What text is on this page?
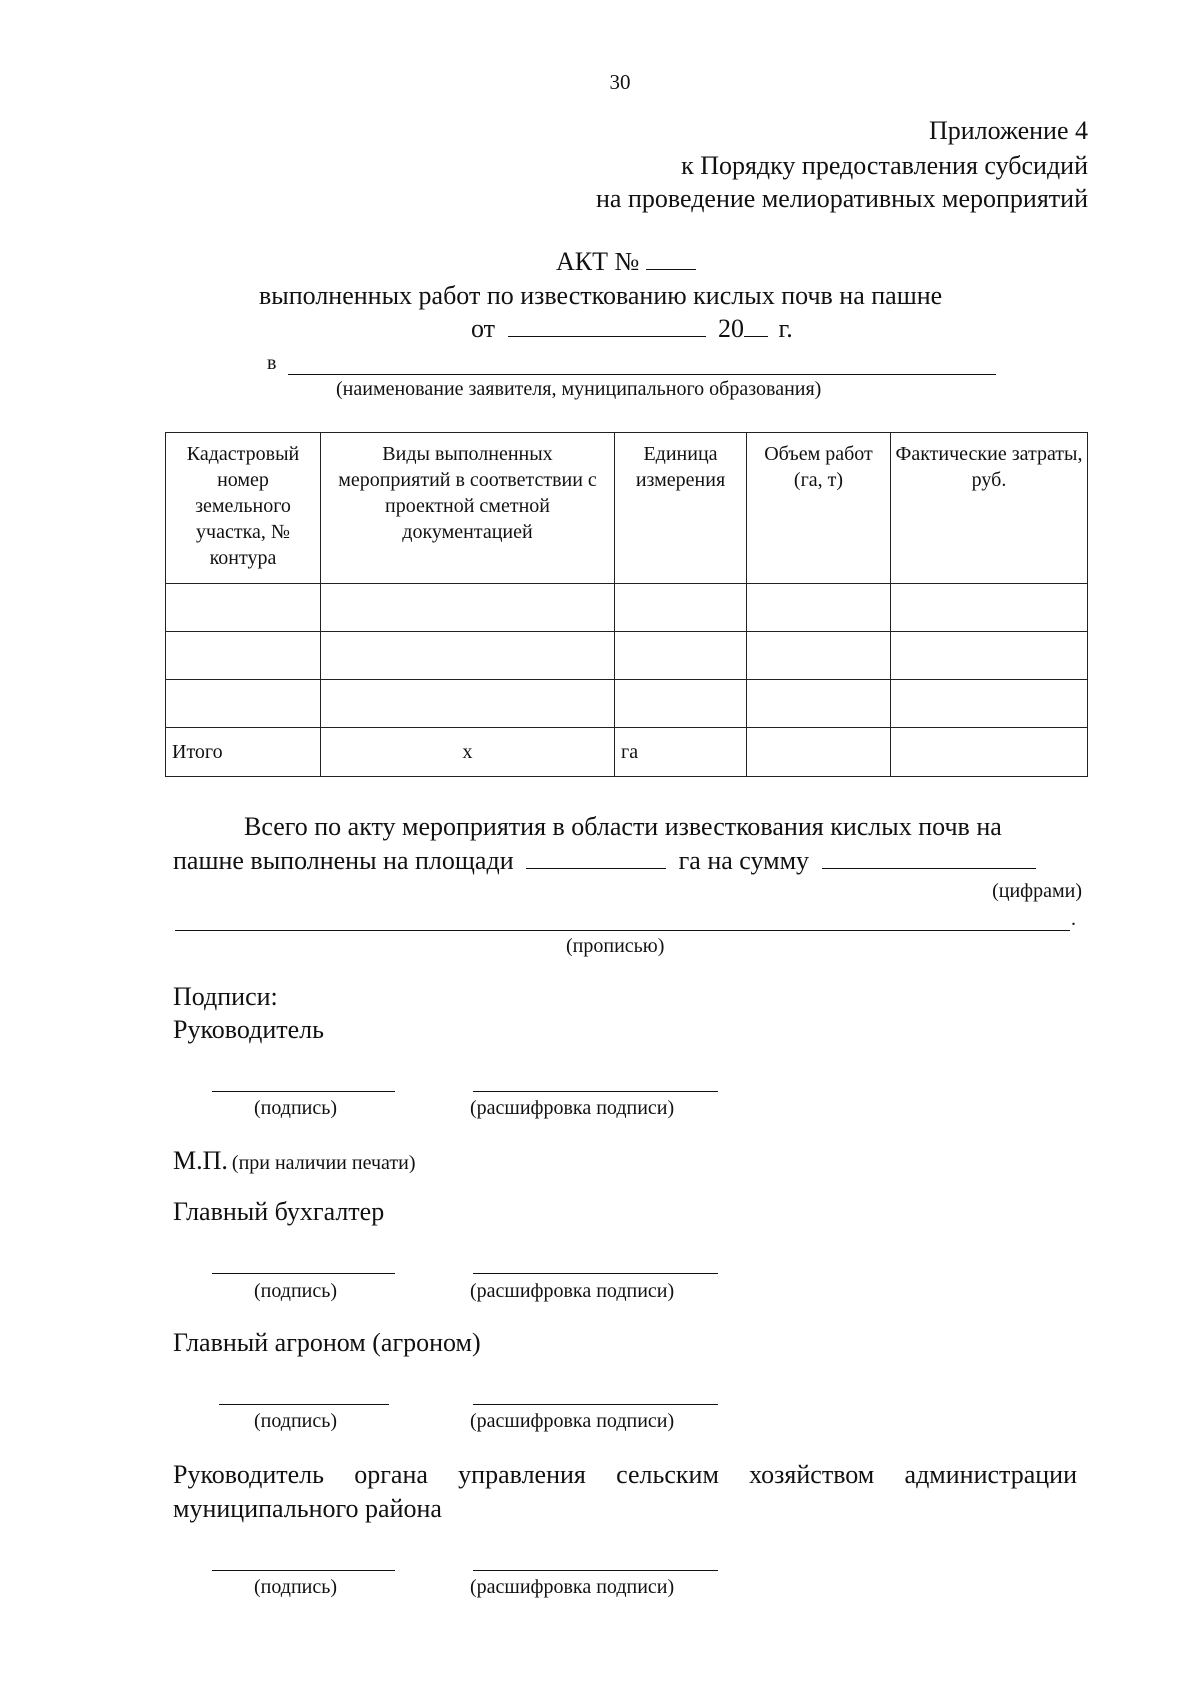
30
Приложение 4
к Порядку предоставления субсидий
на проведение мелиоративных мероприятий
АКТ №
выполненных работ по известкованию кислых почв на пашне
от	20 г.
в
(наименование заявителя, муниципального образования)
Кадастровый номер земельного участка, № контура	Виды выполненных мероприятий в соответствии с проектной сметной документацией	Единица измерения	Объем работ (га, т)	Фактические затраты, руб.

Итого	х	га		
Всего по акту мероприятия в области известкования кислых почв на
пашне выполнены на площади	га на сумму
(цифрами)
.
(прописью)
Подписи:
Руководитель
(подпись)	(расшифровка подписи)
М.П. (при наличии печати)
Главный бухгалтер
(подпись)	(расшифровка подписи)
Главный агроном (агроном)
(подпись)	(расшифровка подписи)
Руководитель органа управления сельским хозяйством администрации
муниципального района
(подпись)	(расшифровка подписи)
